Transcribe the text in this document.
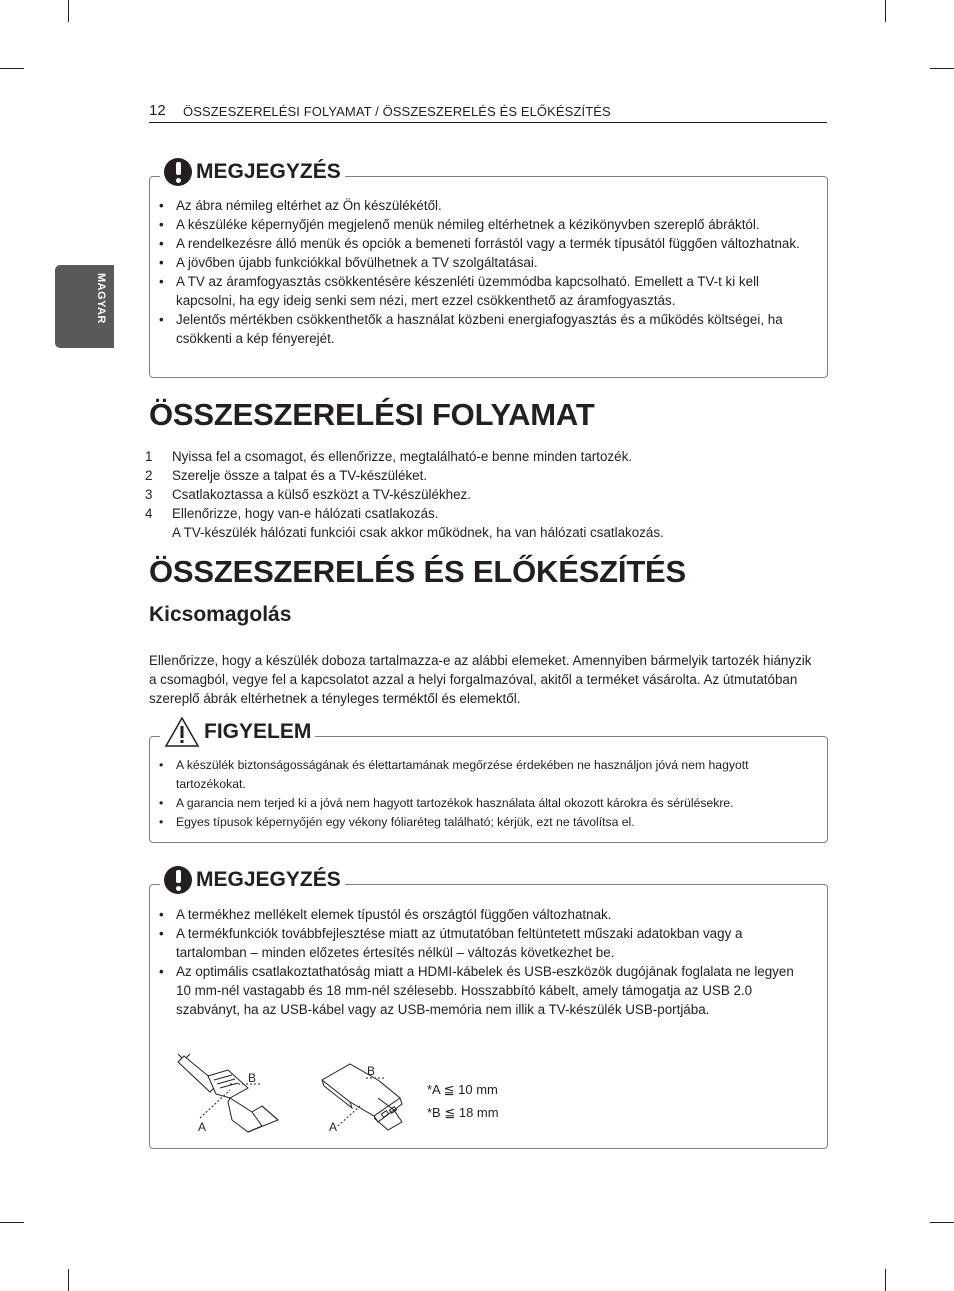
12 ÖSSZESZERELÉSI FOLYAMAT / ÖSSZESZERELÉS ÉS ELŐKÉSZÍTÉS
MAGYAR
MEGJEGYZÉS
• Az ábra némileg eltérhet az Ön készülékétől.
• A készüléke képernyőjén megjelenő menük némileg eltérhetnek a kézikönyvben szereplő ábráktól.
• A rendelkezésre álló menük és opciók a bemeneti forrástól vagy a termék típusától függően változhatnak.
• A jövőben újabb funkciókkal bővülhetnek a TV szolgáltatásai.
• A TV az áramfogyasztás csökkentésére készenléti üzemmódba kapcsolható. Emellett a TV-t ki kell kapcsolni, ha egy ideig senki sem nézi, mert ezzel csökkenthető az áramfogyasztás.
• Jelentős mértékben csökkenthetők a használat közbeni energiafogyasztás és a működés költségei, ha csökkenti a kép fényerejét.
ÖSSZESZERELÉSI FOLYAMAT
1 Nyissa fel a csomagot, és ellenőrizze, megtalálható-e benne minden tartozék.
2 Szerelje össze a talpat és a TV-készüléket.
3 Csatlakoztassa a külső eszközt a TV-készülékhez.
4 Ellenőrizze, hogy van-e hálózati csatlakozás.
A TV-készülék hálózati funkciói csak akkor működnek, ha van hálózati csatlakozás.
ÖSSZESZERELÉS ÉS ELŐKÉSZÍTÉS
Kicsomagolás
Ellenőrizze, hogy a készülék doboza tartalmazza-e az alábbi elemeket. Amennyiben bármelyik tartozék hiányzik a csomagból, vegye fel a kapcsolatot azzal a helyi forgalmazóval, akitől a terméket vásárolta. Az útmutatóban szereplő ábrák eltérhetnek a tényleges terméktől és elemektől.
FIGYELEM
• A készülék biztonságosságának és élettartamának megőrzése érdekében ne használjon jóvá nem hagyott tartozékokat.
• A garancia nem terjed ki a jóvá nem hagyott tartozékok használata által okozott károkra és sérülésekre.
• Egyes típusok képernyőjén egy vékony fóliaréteg található; kérjük, ezt ne távolítsa el.
MEGJEGYZÉS
• A termékhez mellékelt elemek típustól és országtól függően változhatnak.
• A termékfunkciók továbbfejlesztése miatt az útmutatóban feltüntetett műszaki adatokban vagy a tartalomban – minden előzetes értesítés nélkül – változás következhet be.
• Az optimális csatlakoztathatóság miatt a HDMI-kábelek és USB-eszközök dugójának foglalata ne legyen 10 mm-nél vastagabb és 18 mm-nél szélesebb. Hosszabbító kábelt, amely támogatja az USB 2.0 szabványt, ha az USB-kábel vagy az USB-memória nem illik a TV-készülék USB-portjába.
B
A
B
A
*A ≦ 10 mm
*B ≦ 18 mm
